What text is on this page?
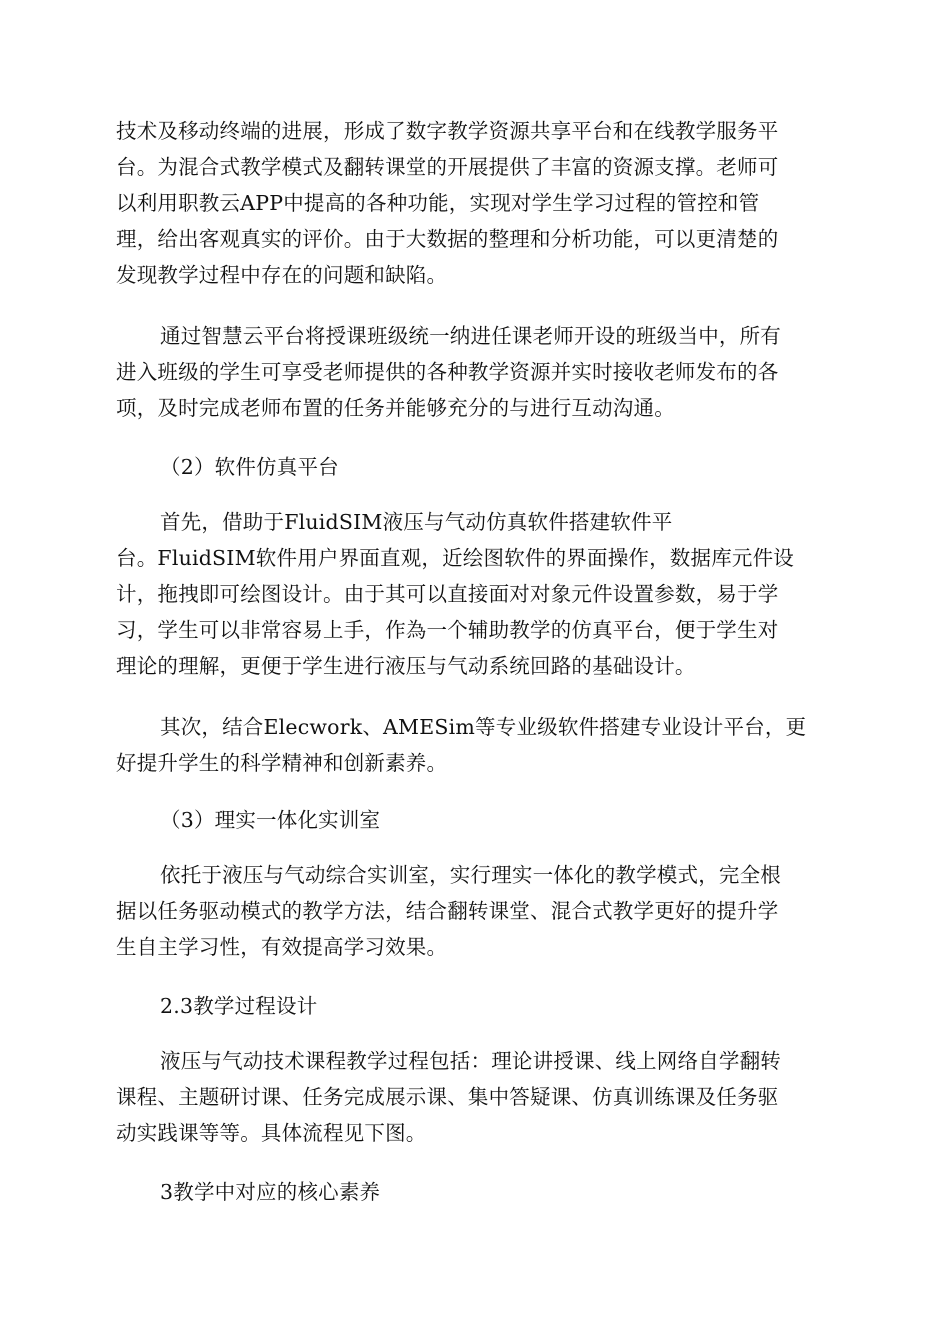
技术及移动终端的进展，形成了数字教学资源共享平台和在线教学服务平
台。为混合式教学模式及翻转课堂的开展提供了丰富的资源支撑。老师可
以利用职教云APP中提高的各种功能，实现对学生学习过程的管控和管
理，给出客观真实的评价。由于大数据的整理和分析功能，可以更清楚的
发现教学过程中存在的问题和缺陷。
通过智慧云平台将授课班级统一纳进任课老师开设的班级当中，所有
进入班级的学生可享受老师提供的各种教学资源并实时接收老师发布的各
项，及时完成老师布置的任务并能够充分的与进行互动沟通。
（2）软件仿真平台
首先，借助于FluidSIM液压与气动仿真软件搭建软件平
台。FluidSIM软件用户界面直观，近绘图软件的界面操作，数据库元件设
计，拖拽即可绘图设计。由于其可以直接面对对象元件设置参数，易于学
习，学生可以非常容易上手，作為一个辅助教学的仿真平台，便于学生对
理论的理解，更便于学生进行液压与气动系统回路的基础设计。
其次，结合Elecwork、AMESim等专业级软件搭建专业设计平台，更
好提升学生的科学精神和创新素养。
（3）理实一体化实训室
依托于液压与气动综合实训室，实行理实一体化的教学模式，完全根
据以任务驱动模式的教学方法，结合翻转课堂、混合式教学更好的提升学
生自主学习性，有效提高学习效果。
2.3教学过程设计
液压与气动技术课程教学过程包括：理论讲授课、线上网络自学翻转
课程、主题研讨课、任务完成展示课、集中答疑课、仿真训练课及任务驱
动实践课等等。具体流程见下图。
3教学中对应的核心素养
